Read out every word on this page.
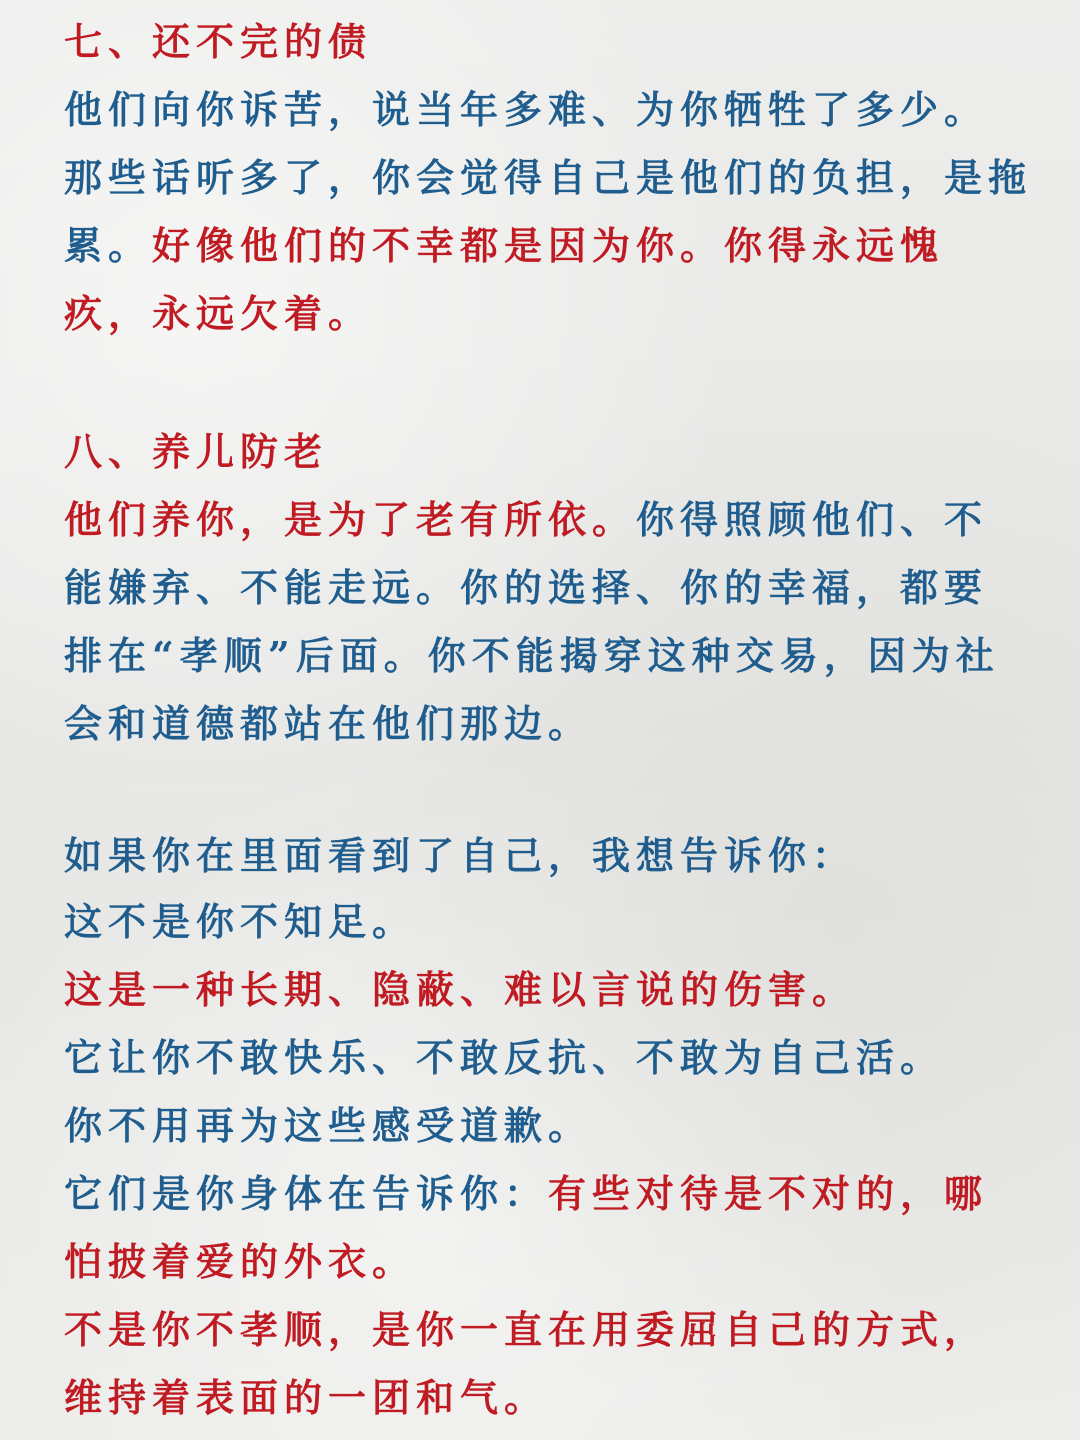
七、还不完的债
他们向你诉苦，说当年多难、为你牺牲了多少。
那些话听多了，你会觉得自己是他们的负担，是拖
累。好像他们的不幸都是因为你。你得永远愧
疚，永远欠着。
八、养儿防老
他们养你，是为了老有所依。你得照顾他们、不
能嫌弃、不能走远。你的选择、你的幸福，都要
排在“孝顺”后面。你不能揭穿这种交易，因为社
会和道德都站在他们那边。
如果你在里面看到了自己，我想告诉你：
这不是你不知足。
这是一种长期、隐蔽、难以言说的伤害。
它让你不敢快乐、不敢反抗、不敢为自己活。
你不用再为这些感受道歉。
它们是你身体在告诉你：有些对待是不对的，哪
怕披着爱的外衣。
不是你不孝顺，是你一直在用委屈自己的方式，
维持着表面的一团和气。
